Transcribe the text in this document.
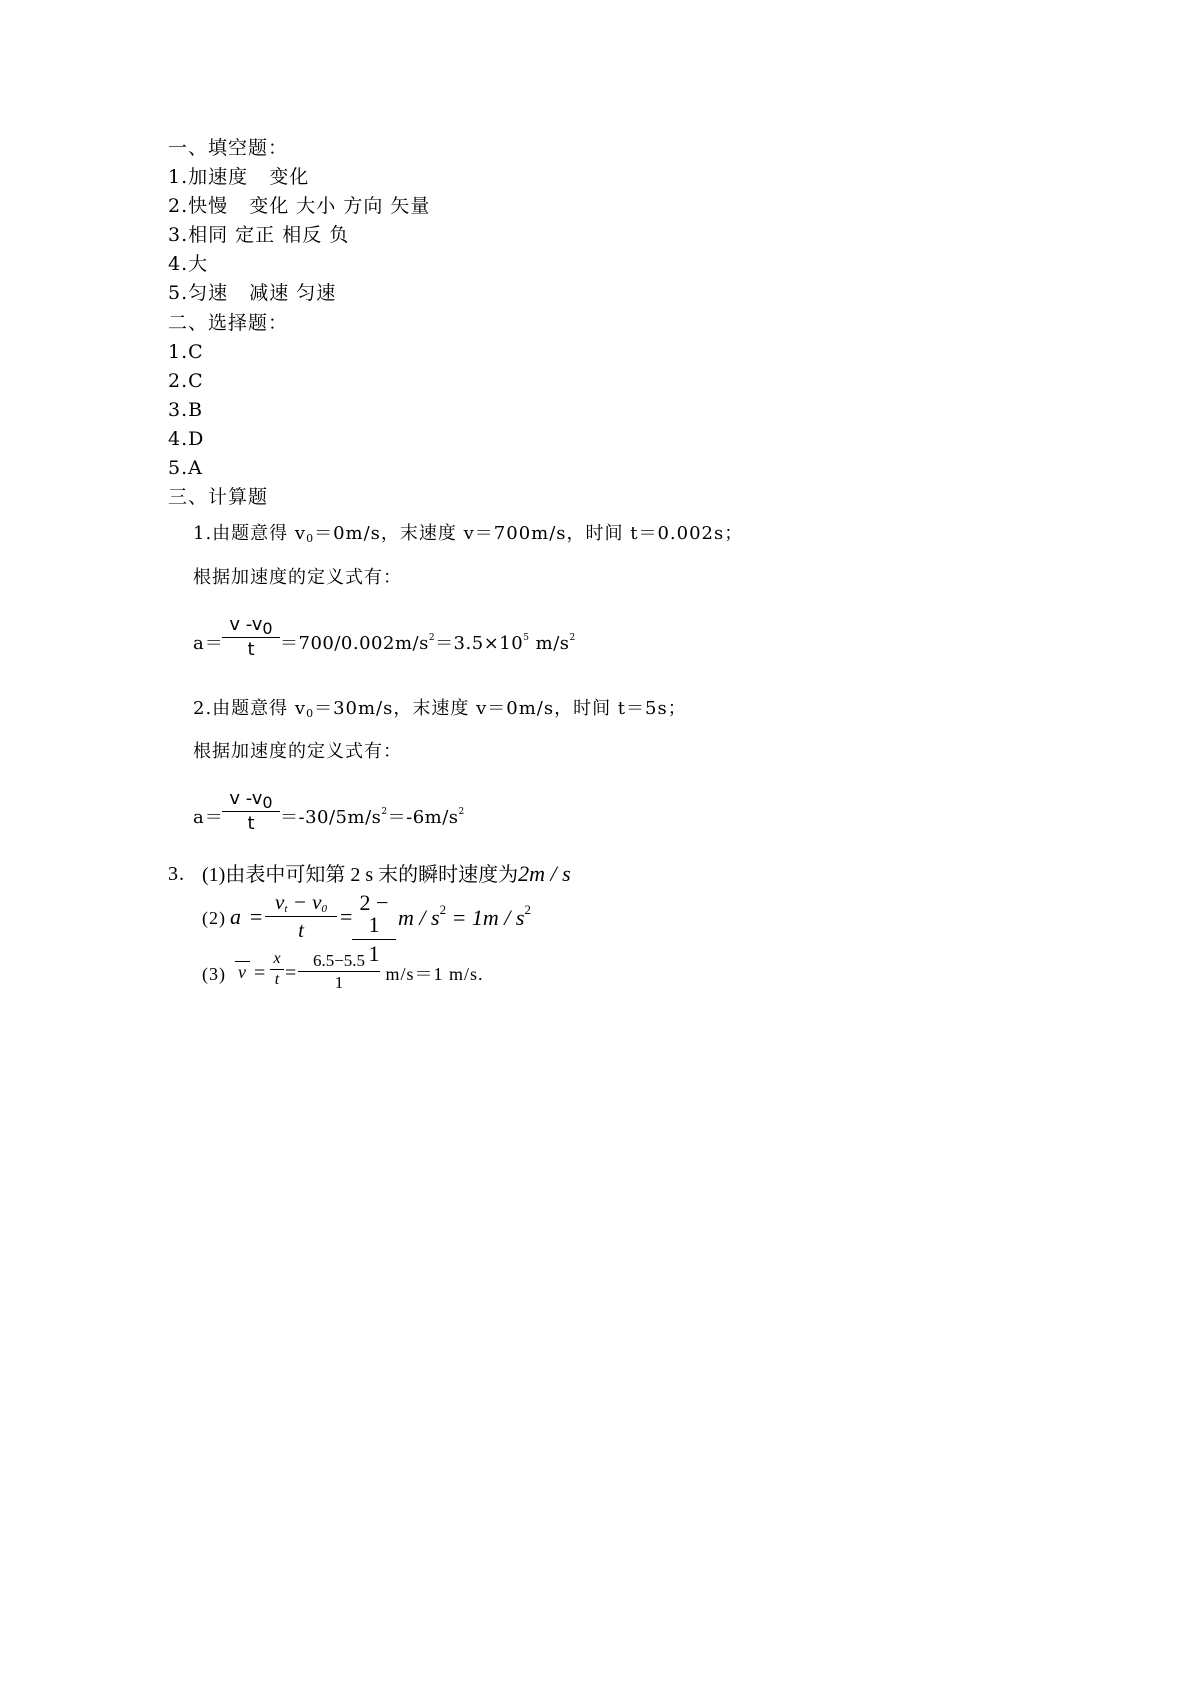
一、填空题：
1.加速度   变化
2.快慢   变化 大小 方向 矢量
3.相同 定正 相反 负
4.大
5.匀速   减速 匀速
二、选择题：
1.C
2.C
3.B
4.D
5.A
三、计算题
1.由题意得 $v_0=0m/s$，末速度 v＝700m/s，时间 t＝0.002s；
根据加速度的定义式有：
a＝
v $-v_0$
t	$=700/0.002m/s^2=3.5\times 10^5$ $m/s^2$
2.由题意得 $v_0=30m/s$，末速度 v＝0m/s，时间 t＝5s；
根据加速度的定义式有：
a＝
v $-v_0$
t	$=-30/5m/s^2=-6m/s^2$
3. (1)由表中可知第 2 s 末的瞬时速度为2m / s
(2) a =
$v_t - v_0$
t
=
2 − 1
1
$m / s^2 = 1m / s^2$
(3) v =
x
t =
6.5−5.5
1	m/s＝1 m/s.
